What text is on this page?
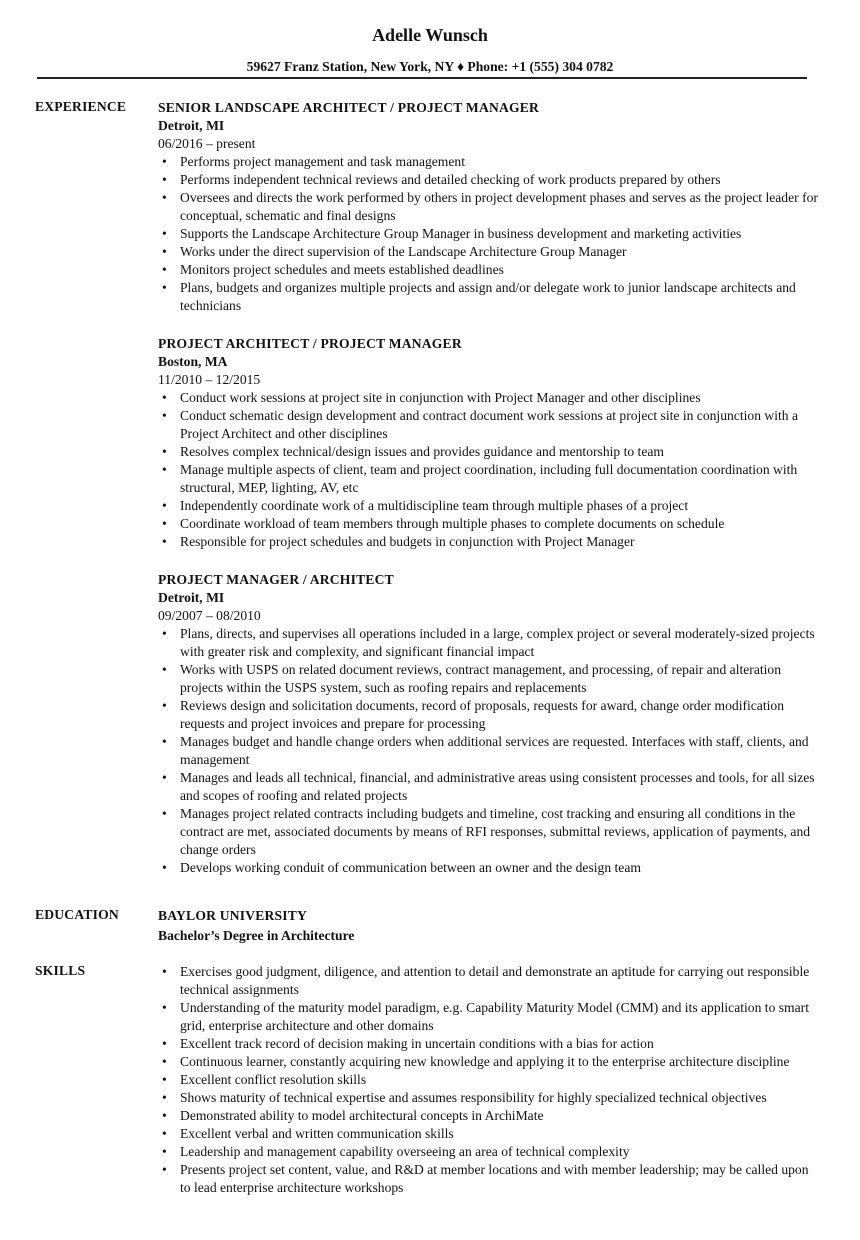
Adelle Wunsch
59627 Franz Station, New York, NY ♦ Phone: +1 (555) 304 0782
EXPERIENCE SENIOR LANDSCAPE ARCHITECT / PROJECT MANAGER
Detroit, MI
06/2016 – present
• Performs project management and task management
• Performs independent technical reviews and detailed checking of work products prepared by others
• Oversees and directs the work performed by others in project development phases and serves as the project leader for conceptual, schematic and final designs
• Supports the Landscape Architecture Group Manager in business development and marketing activities
• Works under the direct supervision of the Landscape Architecture Group Manager
• Monitors project schedules and meets established deadlines
• Plans, budgets and organizes multiple projects and assign and/or delegate work to junior landscape architects and technicians
PROJECT ARCHITECT / PROJECT MANAGER
Boston, MA
11/2010 – 12/2015
• Conduct work sessions at project site in conjunction with Project Manager and other disciplines
• Conduct schematic design development and contract document work sessions at project site in conjunction with a Project Architect and other disciplines
• Resolves complex technical/design issues and provides guidance and mentorship to team
• Manage multiple aspects of client, team and project coordination, including full documentation coordination with structural, MEP, lighting, AV, etc
• Independently coordinate work of a multidiscipline team through multiple phases of a project
• Coordinate workload of team members through multiple phases to complete documents on schedule
• Responsible for project schedules and budgets in conjunction with Project Manager
PROJECT MANAGER / ARCHITECT
Detroit, MI
09/2007 – 08/2010
• Plans, directs, and supervises all operations included in a large, complex project or several moderately-sized projects with greater risk and complexity, and significant financial impact
• Works with USPS on related document reviews, contract management, and processing, of repair and alteration projects within the USPS system, such as roofing repairs and replacements
• Reviews design and solicitation documents, record of proposals, requests for award, change order modification requests and project invoices and prepare for processing
• Manages budget and handle change orders when additional services are requested. Interfaces with staff, clients, and management
• Manages and leads all technical, financial, and administrative areas using consistent processes and tools, for all sizes and scopes of roofing and related projects
• Manages project related contracts including budgets and timeline, cost tracking and ensuring all conditions in the contract are met, associated documents by means of RFI responses, submittal reviews, application of payments, and change orders
• Develops working conduit of communication between an owner and the design team
EDUCATION	BAYLOR UNIVERSITY
Bachelor’s Degree in Architecture
SKILLS
•	Exercises good judgment, diligence, and attention to detail and demonstrate an aptitude for carrying out responsible technical assignments
• Understanding of the maturity model paradigm, e.g. Capability Maturity Model (CMM) and its application to smart grid, enterprise architecture and other domains
• Excellent track record of decision making in uncertain conditions with a bias for action
• Continuous learner, constantly acquiring new knowledge and applying it to the enterprise architecture discipline
• Excellent conflict resolution skills
• Shows maturity of technical expertise and assumes responsibility for highly specialized technical objectives
• Demonstrated ability to model architectural concepts in ArchiMate
• Excellent verbal and written communication skills
• Leadership and management capability overseeing an area of technical complexity
• Presents project set content, value, and R&D at member locations and with member leadership; may be called upon to lead enterprise architecture workshops
